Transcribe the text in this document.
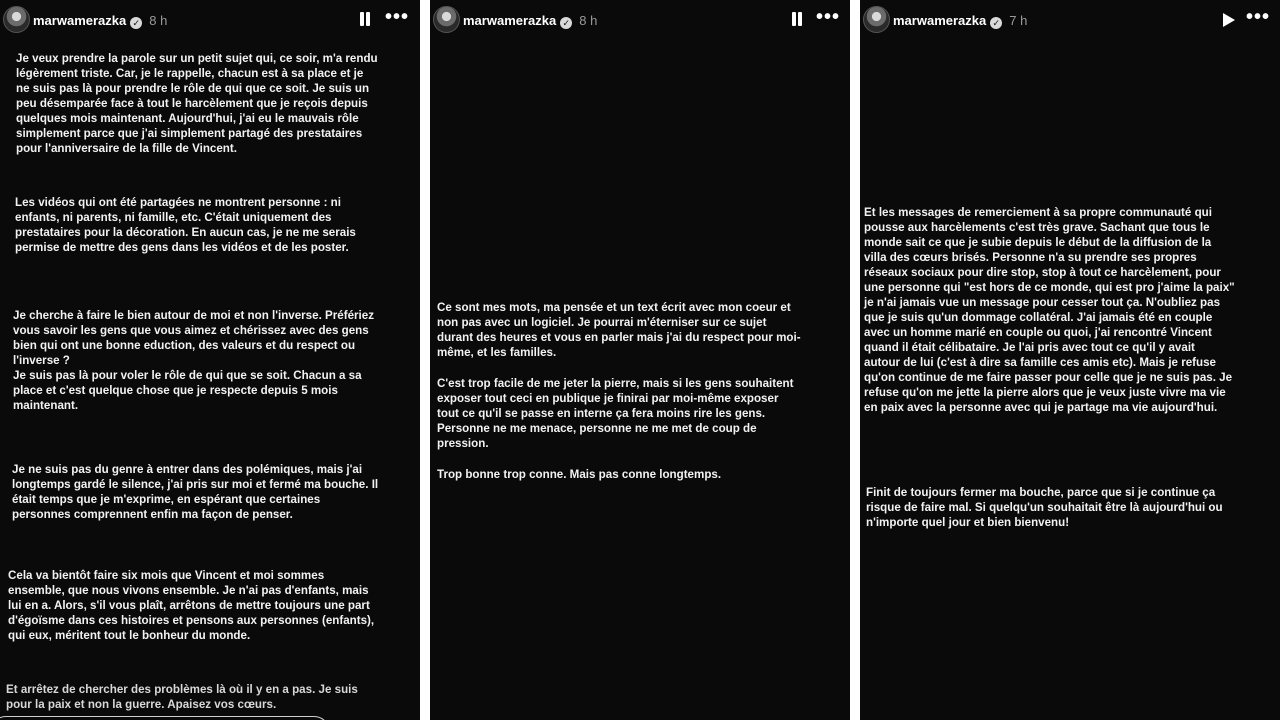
marwamerazka ✓ 8 h	•••

Je veux prendre la parole sur un petit sujet qui, ce soir, m'a rendu
légèrement triste. Car, je le rappelle, chacun est à sa place et je
ne suis pas là pour prendre le rôle de qui que ce soit. Je suis un
peu désemparée face à tout le harcèlement que je reçois depuis
quelques mois maintenant. Aujourd'hui, j'ai eu le mauvais rôle
simplement parce que j'ai simplement partagé des prestataires
pour l'anniversaire de la fille de Vincent.

Les vidéos qui ont été partagées ne montrent personne : ni
enfants, ni parents, ni famille, etc. C'était uniquement des
prestataires pour la décoration. En aucun cas, je ne me serais
permise de mettre des gens dans les vidéos et de les poster.

Je cherche à faire le bien autour de moi et non l'inverse. Préfériez
vous savoir les gens que vous aimez et chérissez avec des gens
bien qui ont une bonne eduction, des valeurs et du respect ou
l'inverse ?
Je suis pas là pour voler le rôle de qui que se soit. Chacun a sa
place et c'est quelque chose que je respecte depuis 5 mois
maintenant.

Je ne suis pas du genre à entrer dans des polémiques, mais j'ai
longtemps gardé le silence, j'ai pris sur moi et fermé ma bouche. Il
était temps que je m'exprime, en espérant que certaines
personnes comprennent enfin ma façon de penser.

Cela va bientôt faire six mois que Vincent et moi sommes
ensemble, que nous vivons ensemble. Je n'ai pas d'enfants, mais
lui en a. Alors, s'il vous plaît, arrêtons de mettre toujours une part
d'égoïsme dans ces histoires et pensons aux personnes (enfants),
qui eux, méritent tout le bonheur du monde.

Et arrêtez de chercher des problèmes là où il y en a pas. Je suis
pour la paix et non la guerre. Apaisez vos cœurs.

marwamerazka ✓ 8 h	•••

Ce sont mes mots, ma pensée et un text écrit avec mon coeur et
non pas avec un logiciel. Je pourrai m'éterniser sur ce sujet
durant des heures et vous en parler mais j'ai du respect pour moi-
même, et les familles.

C'est trop facile de me jeter la pierre, mais si les gens souhaitent
exposer tout ceci en publique je finirai par moi-même exposer
tout ce qu'il se passe en interne ça fera moins rire les gens.
Personne ne me menace, personne ne me met de coup de
pression.

Trop bonne trop conne. Mais pas conne longtemps.

marwamerazka ✓ 7 h	•••

Et les messages de remerciement à sa propre communauté qui
pousse aux harcèlements c'est très grave. Sachant que tous le
monde sait ce que je subie depuis le début de la diffusion de la
villa des cœurs brisés. Personne n'a su prendre ses propres
réseaux sociaux pour dire stop, stop à tout ce harcèlement, pour
une personne qui "est hors de ce monde, qui est pro j'aime la paix"
je n'ai jamais vue un message pour cesser tout ça. N'oubliez pas
que je suis qu'un dommage collatéral. J'ai jamais été en couple
avec un homme marié en couple ou quoi, j'ai rencontré Vincent
quand il était célibataire. Je l'ai pris avec tout ce qu'il y avait
autour de lui (c'est à dire sa famille ces amis etc). Mais je refuse
qu'on continue de me faire passer pour celle que je ne suis pas. Je
refuse qu'on me jette la pierre alors que je veux juste vivre ma vie
en paix avec la personne avec qui je partage ma vie aujourd'hui.

Finit de toujours fermer ma bouche, parce que si je continue ça
risque de faire mal. Si quelqu'un souhaitait être là aujourd'hui ou
n'importe quel jour et bien bienvenu!
